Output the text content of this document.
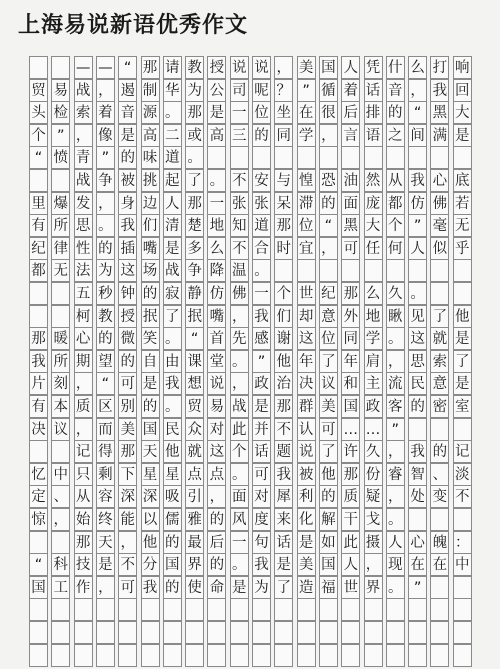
上海易说新语优秀作文
— — “ 那 请 教 授 说 说 ， 美 国 人 凭 什 么 打 响
贸 易 战 ， 遏 制 华 为 公 司 呢 ？ ” 循 着 话 音 ， 我 回
头 检 索 着 音 源 。 那 是 一 位 坐 在 很 后 排 的 “ 黑 大
个 ” ， 像 是 高 二 或 高 三 的 同 学 ， 言 语 之 间 满 是
“ 愤 青 ” 的 味 道 。
战 争 被 挑 起 了 。 不 安 与 惶 恐 油 然 从 我 心 底
里 爆 发 ， 身 边 人 那 一 张 张 呆 滞 的 面 庞 都 仿 佛 若
有 所 思 。 我 们 清 楚 地 知 道 那 位 “ 黑 大 个 ” 毫 无
纪 律 性 的 插 嘴 是 多 么 不 合 时 宜 ， 可 任 何 人 似 乎
都 无 法 为 这 场 战 争 降 温 。
五 秒 钟 的 寂 静 仿 佛 一 个 世 纪 那 么 久 。
柯 教 授 抿 了 抿 嘴 ， 我 们 却 意 外 地 瞅 见 了 他
那 暖 心 的 微 笑 。 “ 首 先 感 谢 这 位 同 学 。 这 就 是
我 所 期 望 的 自 由 课 堂 。 ” 他 年 了 年 肩 ， 思 索 了
片 刻 ， “ 可 是 我 想 说 ， 政 治 决 议 和 主 流 民 意 是
有 本 质 区 别 的 。 贸 易 战 是 那 群 美 国 政 客 的 密 室
决 议 ， 而 美 国 民 众 对 此 并 不 认 可 … … ”
记 得 那 天 他 就 这 个 话 题 说 了 许 久 ， 我 的 记
忆 中 只 剩 下 星 星 点 点 。 可 我 被 他 那 份 睿 智 、 淡
定 、 从 容 深 深 吸 引 ， 面 对 犀 利 的 质 疑 ， 处 变 不
惊 ， 始 终 能 以 儒 雅 的 风 度 来 化 解 干 戈 。
那 天 ， 他 的 最 后 一 句 话 是 如 此 摄 人 心 魄 ：
“ 科 技 是 不 分 国 界 的 。 我 是 美 国 人 ， 现 在 在 中
国 工 作 ， 可 我 的 使 命 是 为 了 造 福 世 界 。 ”
